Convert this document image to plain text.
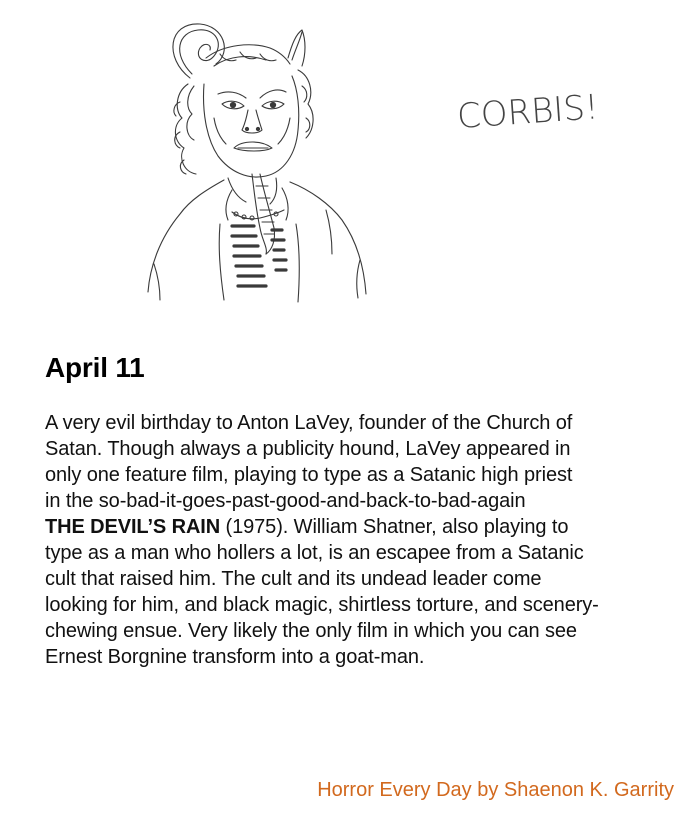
CORBIS!
April 11

A very evil birthday to Anton LaVey, founder of the Church of
Satan. Though always a publicity hound, LaVey appeared in
only one feature film, playing to type as a Satanic high priest
in the so-bad-it-goes-past-good-and-back-to-bad-again
THE DEVIL’S RAIN (1975). William Shatner, also playing to
type as a man who hollers a lot, is an escapee from a Satanic
cult that raised him. The cult and its undead leader come
looking for him, and black magic, shirtless torture, and scenery-
chewing ensue. Very likely the only film in which you can see
Ernest Borgnine transform into a goat-man.

Horror Every Day by Shaenon K. Garrity
